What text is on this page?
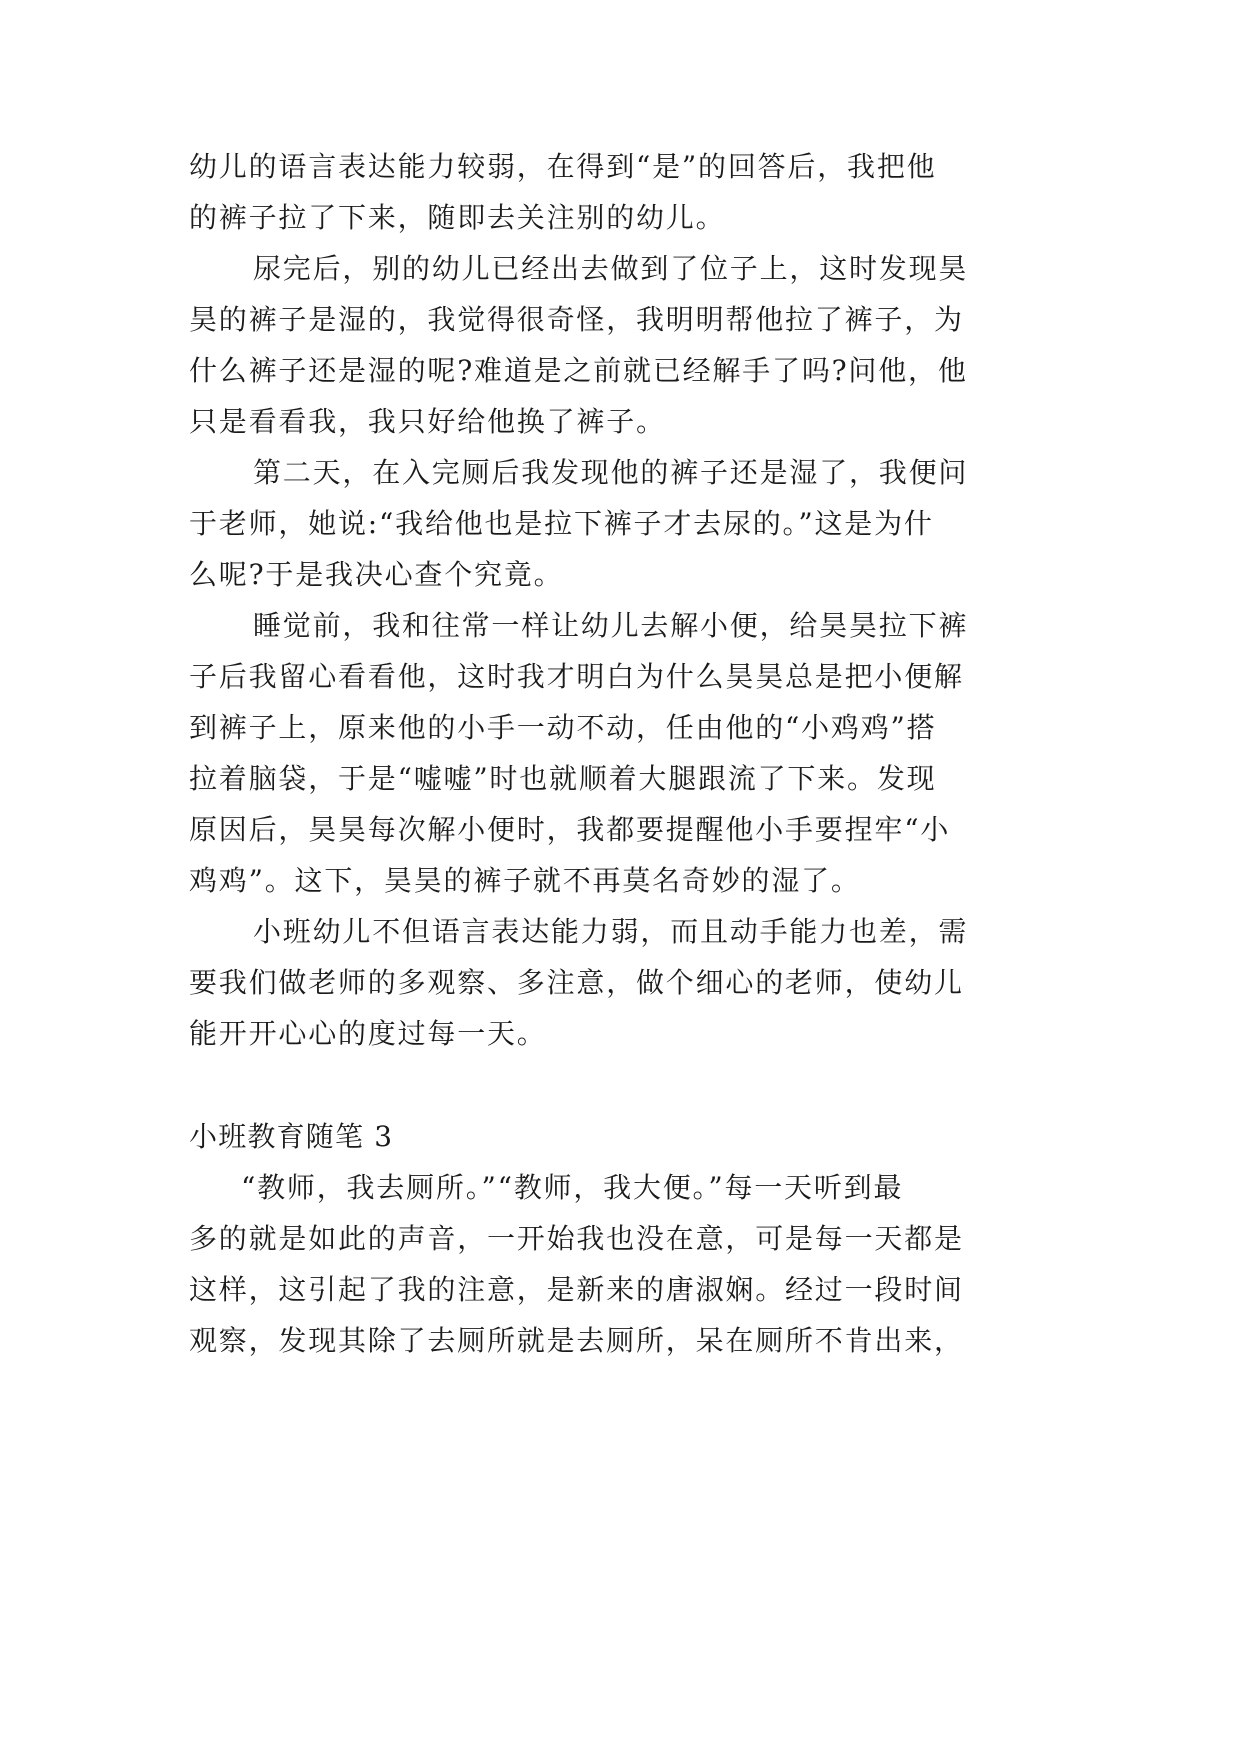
幼儿的语言表达能力较弱，在得到“是”的回答后，我把他
的裤子拉了下来，随即去关注别的幼儿。
尿完后，别的幼儿已经出去做到了位子上，这时发现昊
昊的裤子是湿的，我觉得很奇怪，我明明帮他拉了裤子，为
什么裤子还是湿的呢?难道是之前就已经解手了吗?问他，他
只是看看我，我只好给他换了裤子。
第二天，在入完厕后我发现他的裤子还是湿了，我便问
于老师，她说:“我给他也是拉下裤子才去尿的。”这是为什
么呢?于是我决心查个究竟。
睡觉前，我和往常一样让幼儿去解小便，给昊昊拉下裤
子后我留心看看他，这时我才明白为什么昊昊总是把小便解
到裤子上，原来他的小手一动不动，任由他的“小鸡鸡”搭
拉着脑袋，于是“嘘嘘”时也就顺着大腿跟流了下来。发现
原因后，昊昊每次解小便时，我都要提醒他小手要捏牢“小
鸡鸡”。这下，昊昊的裤子就不再莫名奇妙的湿了。
小班幼儿不但语言表达能力弱，而且动手能力也差，需
要我们做老师的多观察、多注意，做个细心的老师，使幼儿
能开开心心的度过每一天。
小班教育随笔 3
“教师，我去厕所。”“教师，我大便。”每一天听到最
多的就是如此的声音，一开始我也没在意，可是每一天都是
这样，这引起了我的注意，是新来的唐淑娴。经过一段时间
观察，发现其除了去厕所就是去厕所，呆在厕所不肯出来，
